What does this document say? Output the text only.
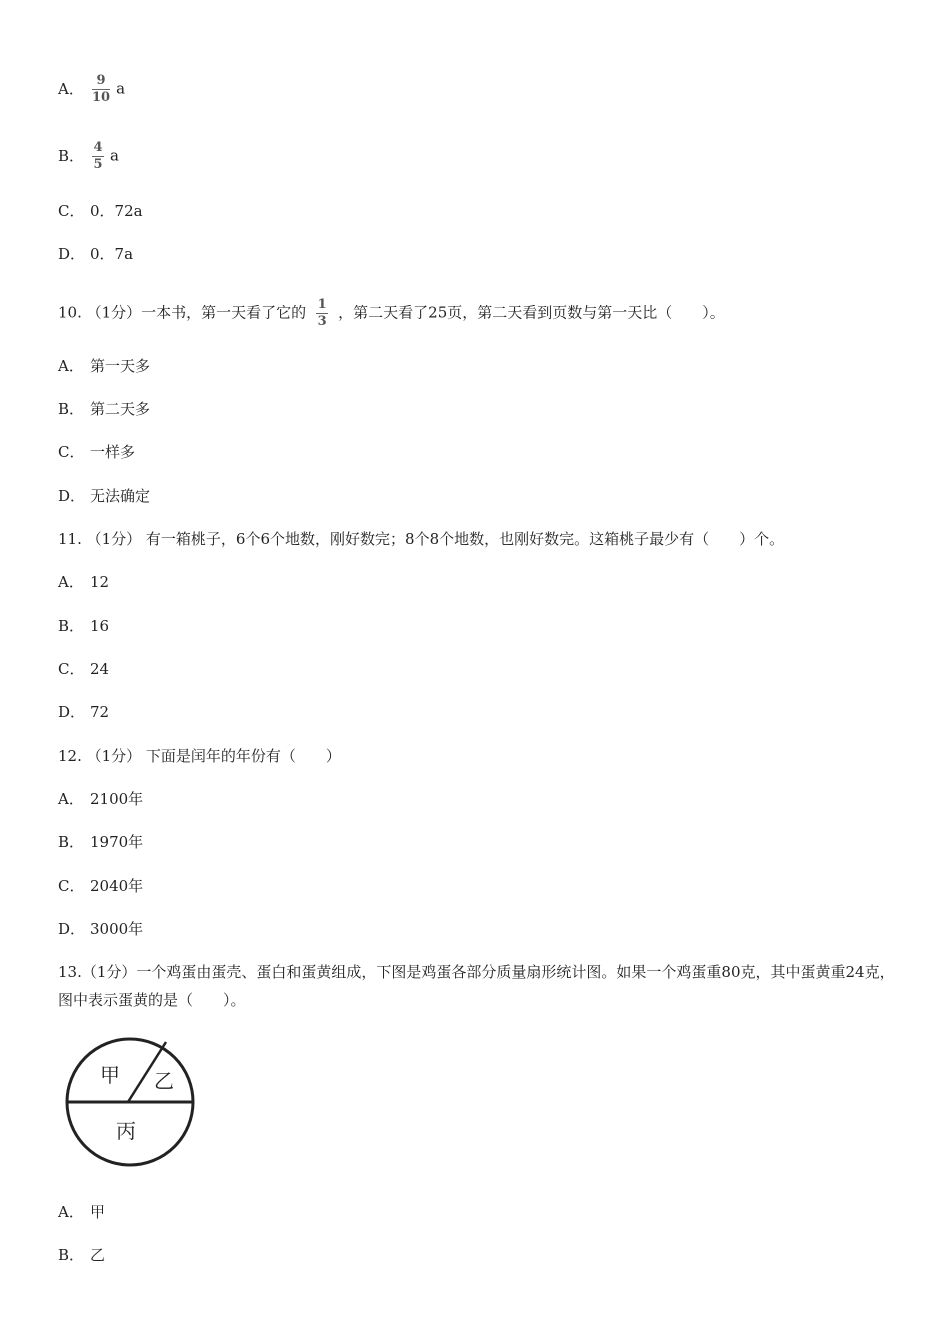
A． $\frac{9}{10}$ a
B． $\frac{4}{5}$ a
C． 0．72a
D． 0．7a
10. （1分）一本书，第一天看了它的 $\frac{1}{3}$ ，第二天看了25页，第二天看到页数与第一天比（　　）。
A． 第一天多
B． 第二天多
C． 一样多
D． 无法确定
11. （1分） 有一箱桃子，6个6个地数，刚好数完；8个8个地数，也刚好数完。这箱桃子最少有（　　）个。
A． 12
B． 16
C． 24
D． 72
12. （1分） 下面是闰年的年份有（　　）
A． 2100年
B． 1970年
C． 2040年
D． 3000年
13.（1分）一个鸡蛋由蛋壳、蛋白和蛋黄组成，下图是鸡蛋各部分质量扇形统计图。如果一个鸡蛋重80克，其中蛋黄重24克，图中表示蛋黄的是（　　）。
甲 乙
丙
A． 甲
B． 乙
